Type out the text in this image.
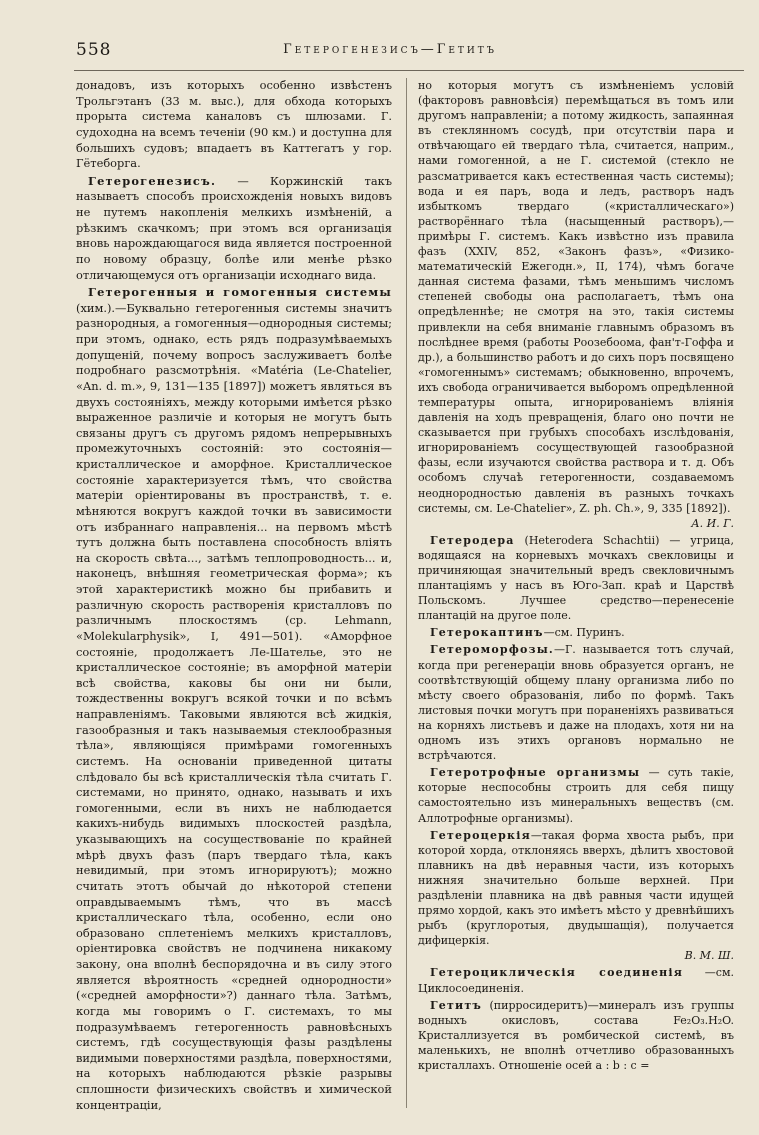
558	Гетерогенезисъ—Гетитъ

донадовъ, изъ которыхъ особенно извѣстенъ Трольгэтанъ (33 м. выс.), для обхода которыхъ прорыта система каналовъ съ шлюзами. Г. судоходна на всемъ теченіи (90 км.) и доступна для большихъ судовъ; впадаетъ въ Каттегатъ у гор. Гётеборга.

Гетерогенезисъ. — Коржинскій такъ называетъ способъ происхожденія новыхъ видовъ не путемъ накопленія мелкихъ измѣненій, а рѣзкимъ скачкомъ; при этомъ вся организація вновь нарождающагося вида является построенной по новому образцу, болѣе или менѣе рѣзко отличающемуся отъ организаціи исходнаго вида.

Гетерогенныя и гомогенныя системы (хим.).—Буквально гетерогенныя системы значитъ разнородныя, а гомогенныя—однородныя системы; при этомъ, однако, есть рядъ подразумѣваемыхъ допущеній, почему вопросъ заслуживаетъ болѣе подробнаго разсмотрѣнія. «Matéria (Le-Chatelier, «An. d. m.», 9, 131—135 [1897]) можетъ являться въ двухъ состояніяхъ, между которыми имѣется рѣзко выраженное различіе и которыя не могутъ быть связаны другъ съ другомъ рядомъ непрерывныхъ промежуточныхъ состояній: это состоянія—кристаллическое и аморфное. Кристаллическое состояніе характеризуется тѣмъ, что свойства матеріи оріентированы въ пространствѣ, т. е. мѣняются вокругъ каждой точки въ зависимости отъ избраннаго направленія... на первомъ мѣстѣ тутъ должна быть поставлена способность вліять на скорость свѣта..., затѣмъ теплопроводность... и, наконецъ, внѣшняя геометрическая форма»; къ этой характеристикѣ можно бы прибавить и различную скорость растворенія кристалловъ по различнымъ плоскостямъ (ср. Lehmann, «Molekularphysik», I, 491—501). «Аморфное состояніе, продолжаетъ Ле-Шателье, это не кристаллическое состояніе; въ аморфной матеріи всѣ свойства, каковы бы они ни были, тождественны вокругъ всякой точки и по всѣмъ направленіямъ. Таковыми являются всѣ жидкія, газообразныя и такъ называемыя стеклообразныя тѣла», являющіяся примѣрами гомогенныхъ системъ. На основаніи приведенной цитаты слѣдовало бы всѣ кристаллическія тѣла считать Г. системами, но принято, однако, называть и ихъ гомогенными, если въ нихъ не наблюдается какихъ-нибудь видимыхъ плоскостей раздѣла, указывающихъ на сосуществованіе по крайней мѣрѣ двухъ фазъ (паръ твердаго тѣла, какъ невидимый, при этомъ игнорируютъ); можно считать этотъ обычай до нѣкоторой степени оправдываемымъ тѣмъ, что въ массѣ кристаллическаго тѣла, особенно, если оно образовано сплетеніемъ мелкихъ кристалловъ, оріентировка свойствъ не подчинена никакому закону, она вполнѣ беспорядочна и въ силу этого является вѣроятность «средней однородности» («средней аморфности»?) даннаго тѣла. Затѣмъ, когда мы говоримъ о Г. системахъ, то мы подразумѣваемъ гетерогенность равновѣсныхъ системъ, гдѣ сосуществующія фазы раздѣлены видимыми поверхностями раздѣла, поверхностями, на которыхъ наблюдаются рѣзкіе разрывы сплошности физическихъ свойствъ и химической концентраціи,

но которыя могутъ съ измѣненіемъ условій (факторовъ равновѣсія) перемѣщаться въ томъ или другомъ направленіи; а потому жидкость, запаянная въ стеклянномъ сосудѣ, при отсутствіи пара и отвѣчающаго ей твердаго тѣла, считается, наприм., нами гомогенной, а не Г. системой (стекло не разсматривается какъ естественная часть системы); вода и ея паръ, вода и ледъ, растворъ надъ избыткомъ твердаго («кристаллическаго») растворённаго тѣла (насыщенный растворъ),—примѣры Г. системъ. Какъ извѣстно изъ правила фазъ (XXIV, 852, «Законъ фазъ», «Физико-математическій Ежегодн.», II, 174), чѣмъ богаче данная система фазами, тѣмъ меньшимъ числомъ степеней свободы она располагаетъ, тѣмъ она опредѣленнѣе; не смотря на это, такія системы привлекли на себя вниманіе главнымъ образомъ въ послѣднее время (работы Роозебоома, фан'т-Гоффа и др.), а большинство работъ и до сихъ поръ посвящено «гомогеннымъ» системамъ; обыкновенно, впрочемъ, ихъ свобода ограничивается выборомъ опредѣленной температуры опыта, игнорированіемъ вліянія давленія на ходъ превращенія, благо оно почти не сказывается при грубыхъ способахъ изслѣдованія, игнорированіемъ сосуществующей газообразной фазы, если изучаются свойства раствора и т. д. Объ особомъ случаѣ гетерогенности, создаваемомъ неоднородностью давленія въ разныхъ точкахъ системы, см. Le-Chatelier», Z. ph. Ch.», 9, 335 [1892]).
А. И. Г.

Гетеродера (Heterodera Schachtii) — угрица, водящаяся на корневыхъ мочкахъ свекловицы и причиняющая значительный вредъ свекловичнымъ плантаціямъ у насъ въ Юго-Зап. краѣ и Царствѣ Польскомъ. Лучшее средство—перенесеніе плантацій на другое поле.

Гетерокаптинъ—см. Пуринъ.

Гетероморфозы.—Г. называется тотъ случай, когда при регенераціи вновь образуется органъ, не соотвѣтствующій общему плану организма либо по мѣсту своего образованія, либо по формѣ. Такъ листовыя почки могутъ при пораненіяхъ развиваться на корняхъ листьевъ и даже на плодахъ, хотя ни на одномъ изъ этихъ органовъ нормально не встрѣчаются.

Гетеротрофные организмы — суть такіе, которые неспособны строить для себя пищу самостоятельно изъ минеральныхъ веществъ (см. Аллотрофные организмы).

Гетероцеркія—такая форма хвоста рыбъ, при которой хорда, отклоняясь вверхъ, дѣлитъ хвостовой плавникъ на двѣ неравныя части, изъ которыхъ нижняя значительно больше верхней. При раздѣленіи плавника на двѣ равныя части идущей прямо хордой, какъ это имѣетъ мѣсто у древнѣйшихъ рыбъ (круглоротыя, двудышащія), получается дифицеркія.
В. М. Ш.

Гетероциклическія соединенія —см. Циклосоединенія.

Гетитъ (пирросидеритъ)—минералъ изъ группы водныхъ окисловъ, состава Fe₂O₃.H₂O. Кристаллизуется въ ромбической системѣ, въ маленькихъ, не вполнѣ отчетливо образованныхъ кристаллахъ. Отношеніе осей a : b : c =
